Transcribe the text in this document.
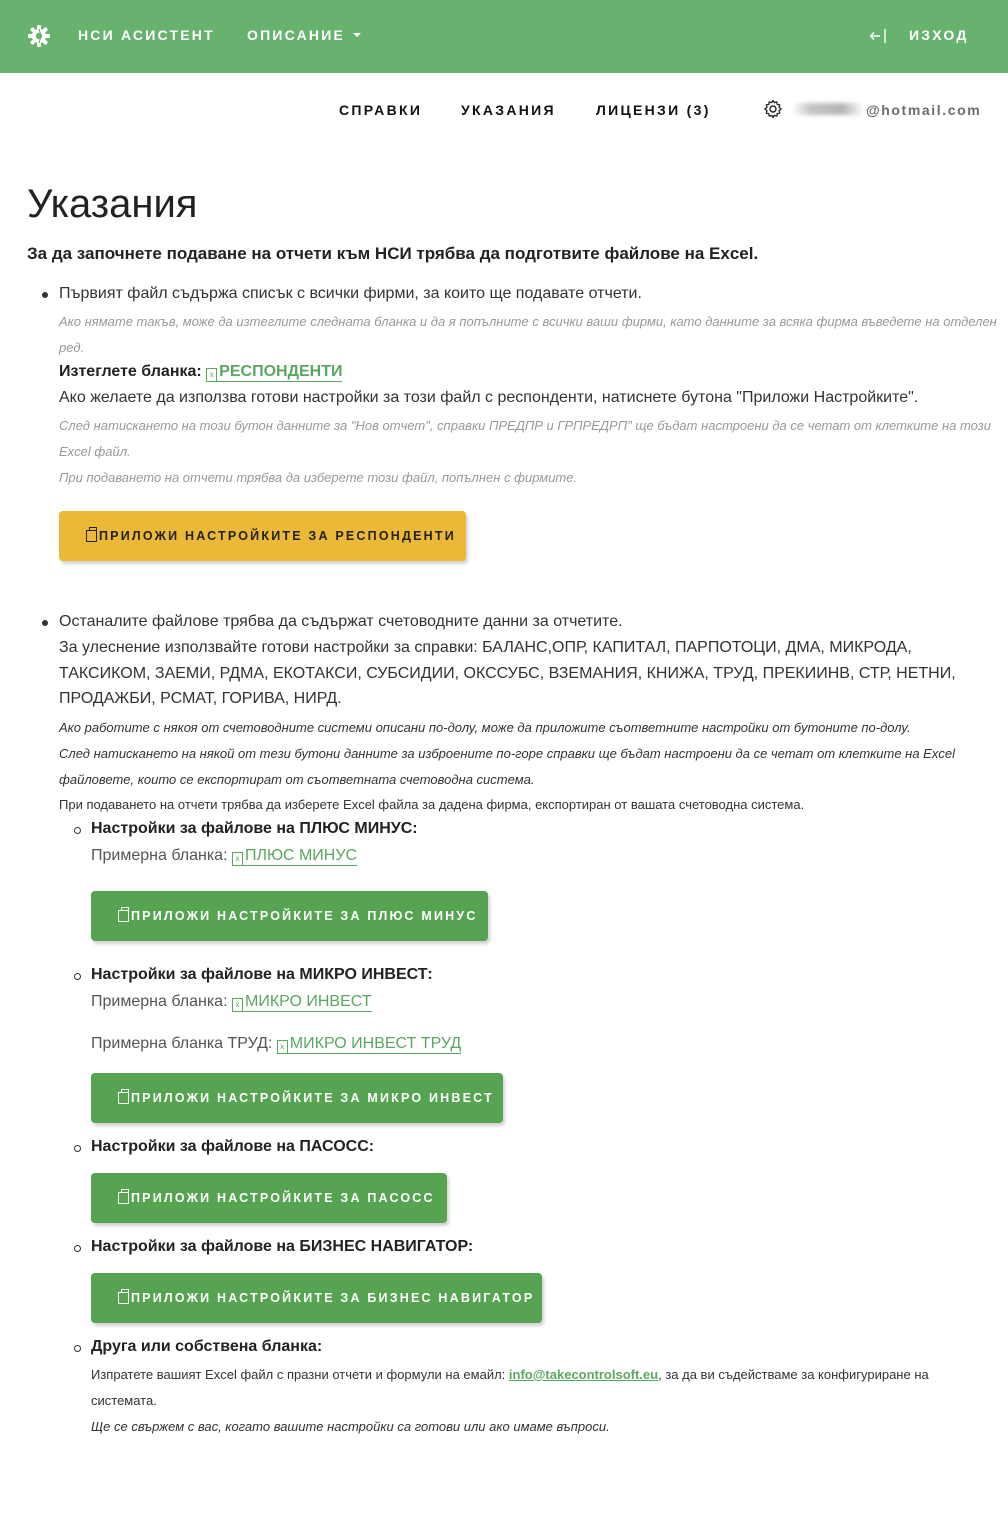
НСИ АСИСТЕНТ ОПИСАНИЕ	ИЗХОД
СПРАВКИ	УКАЗАНИЯ	ЛИЦЕНЗИ (3)	@hotmail.com
Указания
За да започнете подаване на отчети към НСИ трябва да подготвите файлове на Excel.
Първият файл съдържа списък с всички фирми, за които ще подавате отчети.
Ако нямате такъв, може да изтеглите следната бланка и да я попълните с всички ваши фирми, като данните за всяка фирма въведете на отделен
ред.
Изтеглете бланка: x РЕСПОНДЕНТИ
Ако желаете да използва готови настройки за този файл с респонденти, натиснете бутона "Приложи Настройките".
След натискането на този бутон данните за "Нов отчет", справки ПРЕДПР и ГРПРЕДРП" ще бъдат настроени да се четат от клетките на този
Excel файл.
При подаването на отчети трябва да изберете този файл, попълнен с фирмите.
ПРИЛОЖИ НАСТРОЙКИТЕ ЗА РЕСПОНДЕНТИ
Останалите файлове трябва да съдържат счетоводните данни за отчетите.
За улеснение използвайте готови настройки за справки: БАЛАНС,ОПР, КАПИТАЛ, ПАРПОТОЦИ, ДМА, МИКРОДА,
ТАКСИКОМ, ЗАЕМИ, РДМА, ЕКОТАКСИ, СУБСИДИИ, ОКССУБС, ВЗЕМАНИЯ, КНИЖА, ТРУД, ПРЕКИИНВ, СТР, НЕТНИ,
ПРОДАЖБИ, РСМАТ, ГОРИВА, НИРД.
Ако работите с някоя от счетоводните системи описани по-долу, може да приложите съответните настройки от бутоните по-долу.
След натискането на някой от тези бутони данните за изброените по-горе справки ще бъдат настроени да се четат от клетките на Excel
файловете, които се експортират от съответната счетоводна система.
При подаването на отчети трябва да изберете Excel файла за дадена фирма, експортиран от вашата счетоводна система.
Настройки за файлове на ПЛЮС МИНУС:
Примерна бланка: x ПЛЮС МИНУС
ПРИЛОЖИ НАСТРОЙКИТЕ ЗА ПЛЮС МИНУС
Настройки за файлове на МИКРО ИНВЕСТ:
Примерна бланка: x МИКРО ИНВЕСТ
Примерна бланка ТРУД: x МИКРО ИНВЕСТ ТРУД
ПРИЛОЖИ НАСТРОЙКИТЕ ЗА МИКРО ИНВЕСТ
Настройки за файлове на ПАСОСС:
ПРИЛОЖИ НАСТРОЙКИТЕ ЗА ПАСОСС
Настройки за файлове на БИЗНЕС НАВИГАТОР:
ПРИЛОЖИ НАСТРОЙКИТЕ ЗА БИЗНЕС НАВИГАТОР
Друга или собствена бланка:
Изпратете вашият Excel файл с празни отчети и формули на емайл: info@takecontrolsoft.eu, за да ви съдействаме за конфигуриране на
системата.
Ще се свържем с вас, когато вашите настройки са готови или ако имаме въпроси.
